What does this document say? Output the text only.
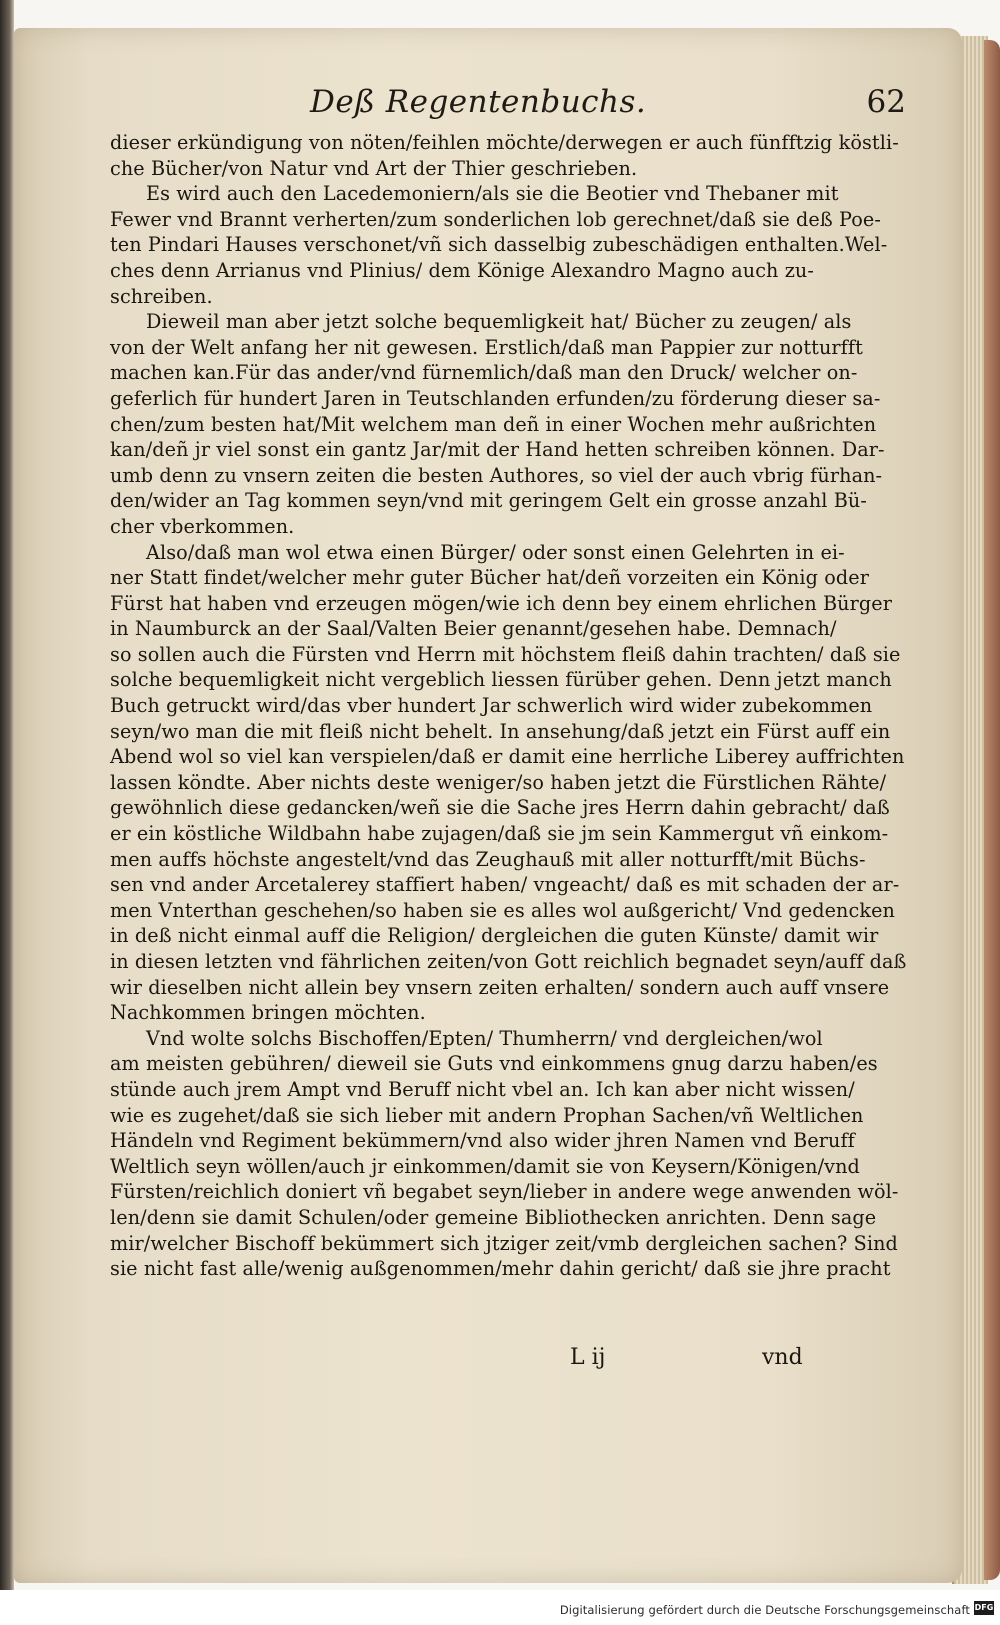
Deß Regentenbuchs.	62
dieser erkündigung von nöten/feihlen möchte/derwegen er auch fünfftzig köstli-
che Bücher/von Natur vnd Art der Thier geschrieben.
Es wird auch den Lacedemoniern/als sie die Beotier vnd Thebaner mit
Fewer vnd Brannt verherten/zum sonderlichen lob gerechnet/daß sie deß Poe-
ten Pindari Hauses verschonet/vñ sich dasselbig zubeschädigen enthalten.Wel-
ches denn Arrianus vnd Plinius/ dem Könige Alexandro Magno auch zu-
schreiben.
Dieweil man aber jetzt solche bequemligkeit hat/ Bücher zu zeugen/ als
von der Welt anfang her nit gewesen. Erstlich/daß man Pappier zur notturfft
machen kan.Für das ander/vnd fürnemlich/daß man den Druck/ welcher on-
geferlich für hundert Jaren in Teutschlanden erfunden/zu förderung dieser sa-
chen/zum besten hat/Mit welchem man deñ in einer Wochen mehr außrichten
kan/deñ jr viel sonst ein gantz Jar/mit der Hand hetten schreiben können. Dar-
umb denn zu vnsern zeiten die besten Authores, so viel der auch vbrig fürhan-
den/wider an Tag kommen seyn/vnd mit geringem Gelt ein grosse anzahl Bü-
cher vberkommen.
Also/daß man wol etwa einen Bürger/ oder sonst einen Gelehrten in ei-
ner Statt findet/welcher mehr guter Bücher hat/deñ vorzeiten ein König oder
Fürst hat haben vnd erzeugen mögen/wie ich denn bey einem ehrlichen Bürger
in Naumburck an der Saal/Valten Beier genannt/gesehen habe. Demnach/
so sollen auch die Fürsten vnd Herrn mit höchstem fleiß dahin trachten/ daß sie
solche bequemligkeit nicht vergeblich liessen fürüber gehen. Denn jetzt manch
Buch getruckt wird/das vber hundert Jar schwerlich wird wider zubekommen
seyn/wo man die mit fleiß nicht behelt. In ansehung/daß jetzt ein Fürst auff ein
Abend wol so viel kan verspielen/daß er damit eine herrliche Liberey auffrichten
lassen köndte. Aber nichts deste weniger/so haben jetzt die Fürstlichen Rähte/
gewöhnlich diese gedancken/weñ sie die Sache jres Herrn dahin gebracht/ daß
er ein köstliche Wildbahn habe zujagen/daß sie jm sein Kammergut vñ einkom-
men auffs höchste angestelt/vnd das Zeughauß mit aller notturfft/mit Büchs-
sen vnd ander Arcetalerey staffiert haben/ vngeacht/ daß es mit schaden der ar-
men Vnterthan geschehen/so haben sie es alles wol außgericht/ Vnd gedencken
in deß nicht einmal auff die Religion/ dergleichen die guten Künste/ damit wir
in diesen letzten vnd fährlichen zeiten/von Gott reichlich begnadet seyn/auff daß
wir dieselben nicht allein bey vnsern zeiten erhalten/ sondern auch auff vnsere
Nachkommen bringen möchten.
Vnd wolte solchs Bischoffen/Epten/ Thumherrn/ vnd dergleichen/wol
am meisten gebühren/ dieweil sie Guts vnd einkommens gnug darzu haben/es
stünde auch jrem Ampt vnd Beruff nicht vbel an. Ich kan aber nicht wissen/
wie es zugehet/daß sie sich lieber mit andern Prophan Sachen/vñ Weltlichen
Händeln vnd Regiment bekümmern/vnd also wider jhren Namen vnd Beruff
Weltlich seyn wöllen/auch jr einkommen/damit sie von Keysern/Königen/vnd
Fürsten/reichlich doniert vñ begabet seyn/lieber in andere wege anwenden wöl-
len/denn sie damit Schulen/oder gemeine Bibliothecken anrichten. Denn sage
mir/welcher Bischoff bekümmert sich jtziger zeit/vmb dergleichen sachen? Sind
sie nicht fast alle/wenig außgenommen/mehr dahin gericht/ daß sie jhre pracht
L ij	vnd
Digitalisierung gefördert durch die Deutsche Forschungsgemeinschaft DFG
